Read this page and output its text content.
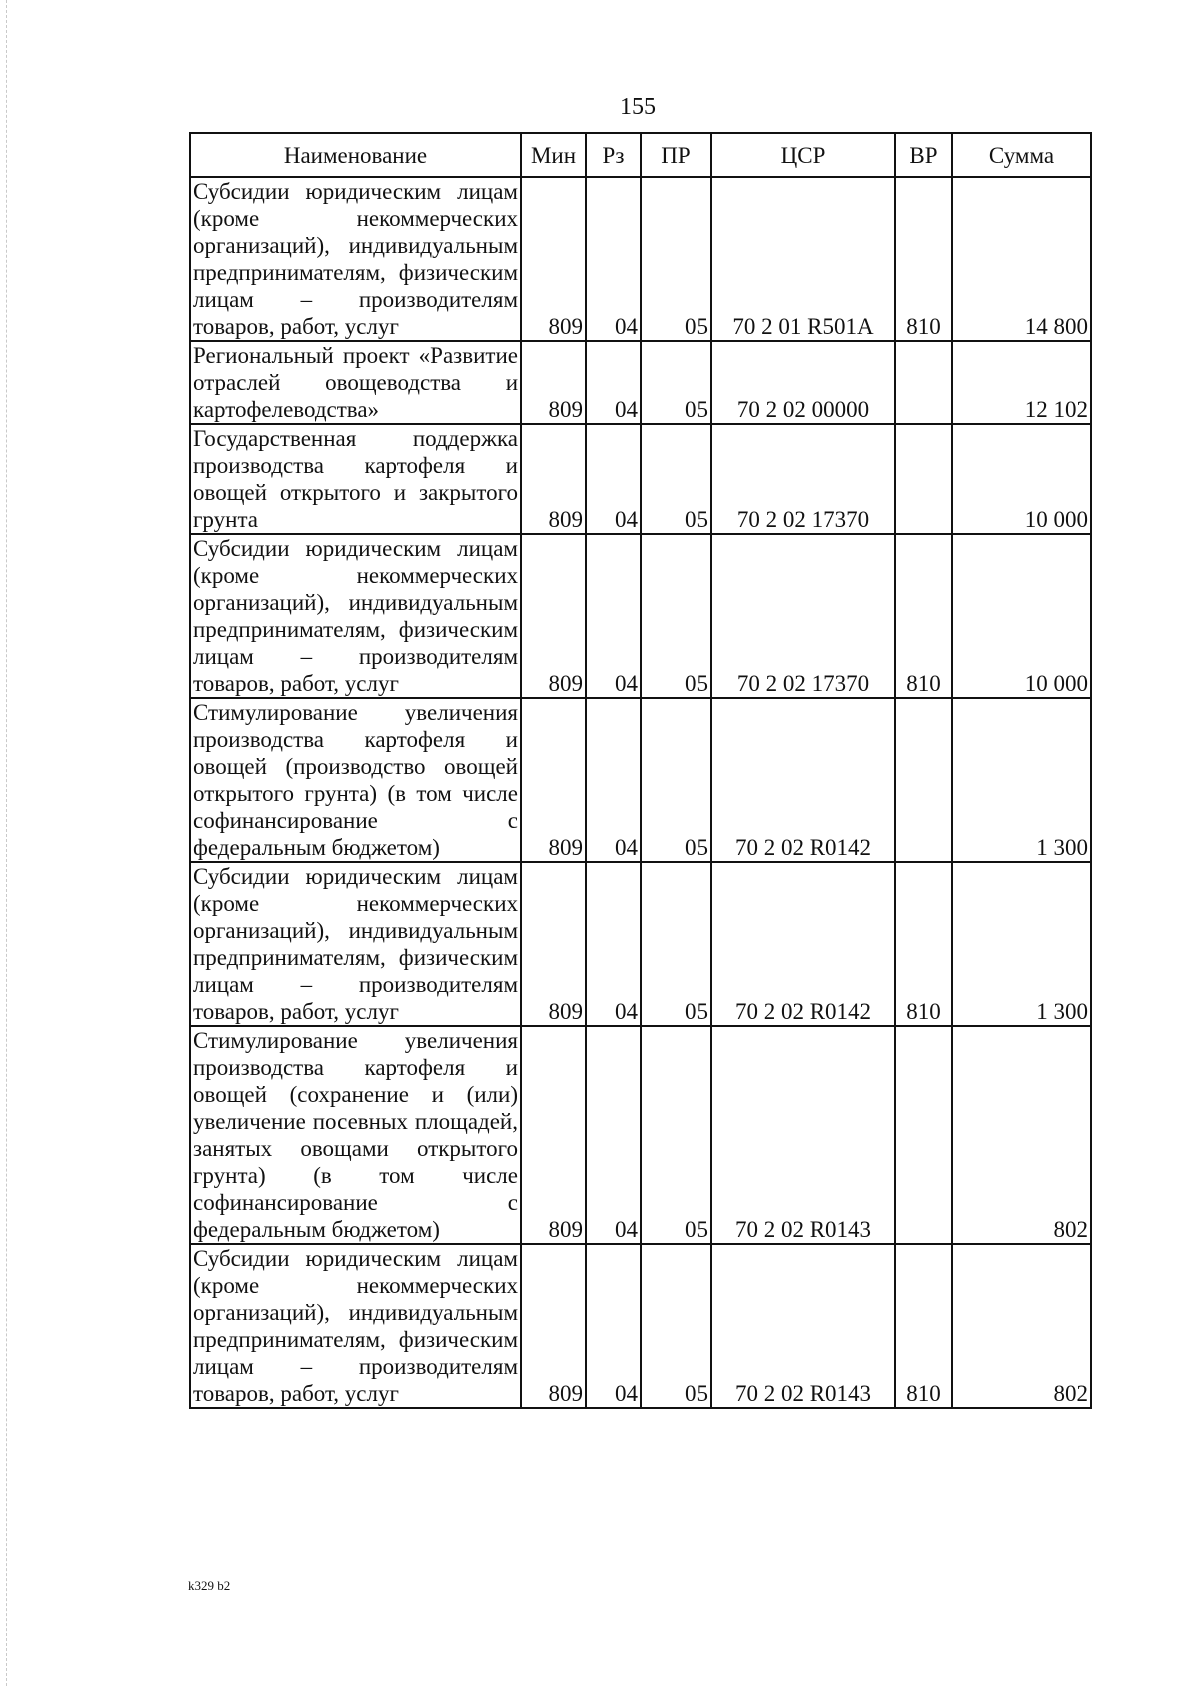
155
Наименование	Мин	Рз	ПР	ЦСР	ВР	Сумма
Субсидии юридическим лицам (кроме некоммерческих организаций), индивидуальным предпринимателям, физическим лицам – производителям товаров, работ, услуг	809	04	05	70 2 01 R501A	810	14 800
Региональный проект «Развитие отраслей овощеводства и картофелеводства»	809	04	05	70 2 02 00000		12 102
Государственная поддержка производства картофеля и овощей открытого и закрытого грунта	809	04	05	70 2 02 17370		10 000
Субсидии юридическим лицам (кроме некоммерческих организаций), индивидуальным предпринимателям, физическим лицам – производителям товаров, работ, услуг	809	04	05	70 2 02 17370	810	10 000
Стимулирование увеличения производства картофеля и овощей (производство овощей открытого грунта) (в том числе софинансирование с федеральным бюджетом)	809	04	05	70 2 02 R0142		1 300
Субсидии юридическим лицам (кроме некоммерческих организаций), индивидуальным предпринимателям, физическим лицам – производителям товаров, работ, услуг	809	04	05	70 2 02 R0142	810	1 300
Стимулирование увеличения производства картофеля и овощей (сохранение и (или) увеличение посевных площадей, занятых овощами открытого грунта) (в том числе софинансирование с федеральным бюджетом)	809	04	05	70 2 02 R0143		802
Субсидии юридическим лицам (кроме некоммерческих организаций), индивидуальным предпринимателям, физическим лицам – производителям товаров, работ, услуг	809	04	05	70 2 02 R0143	810	802
k329 b2
